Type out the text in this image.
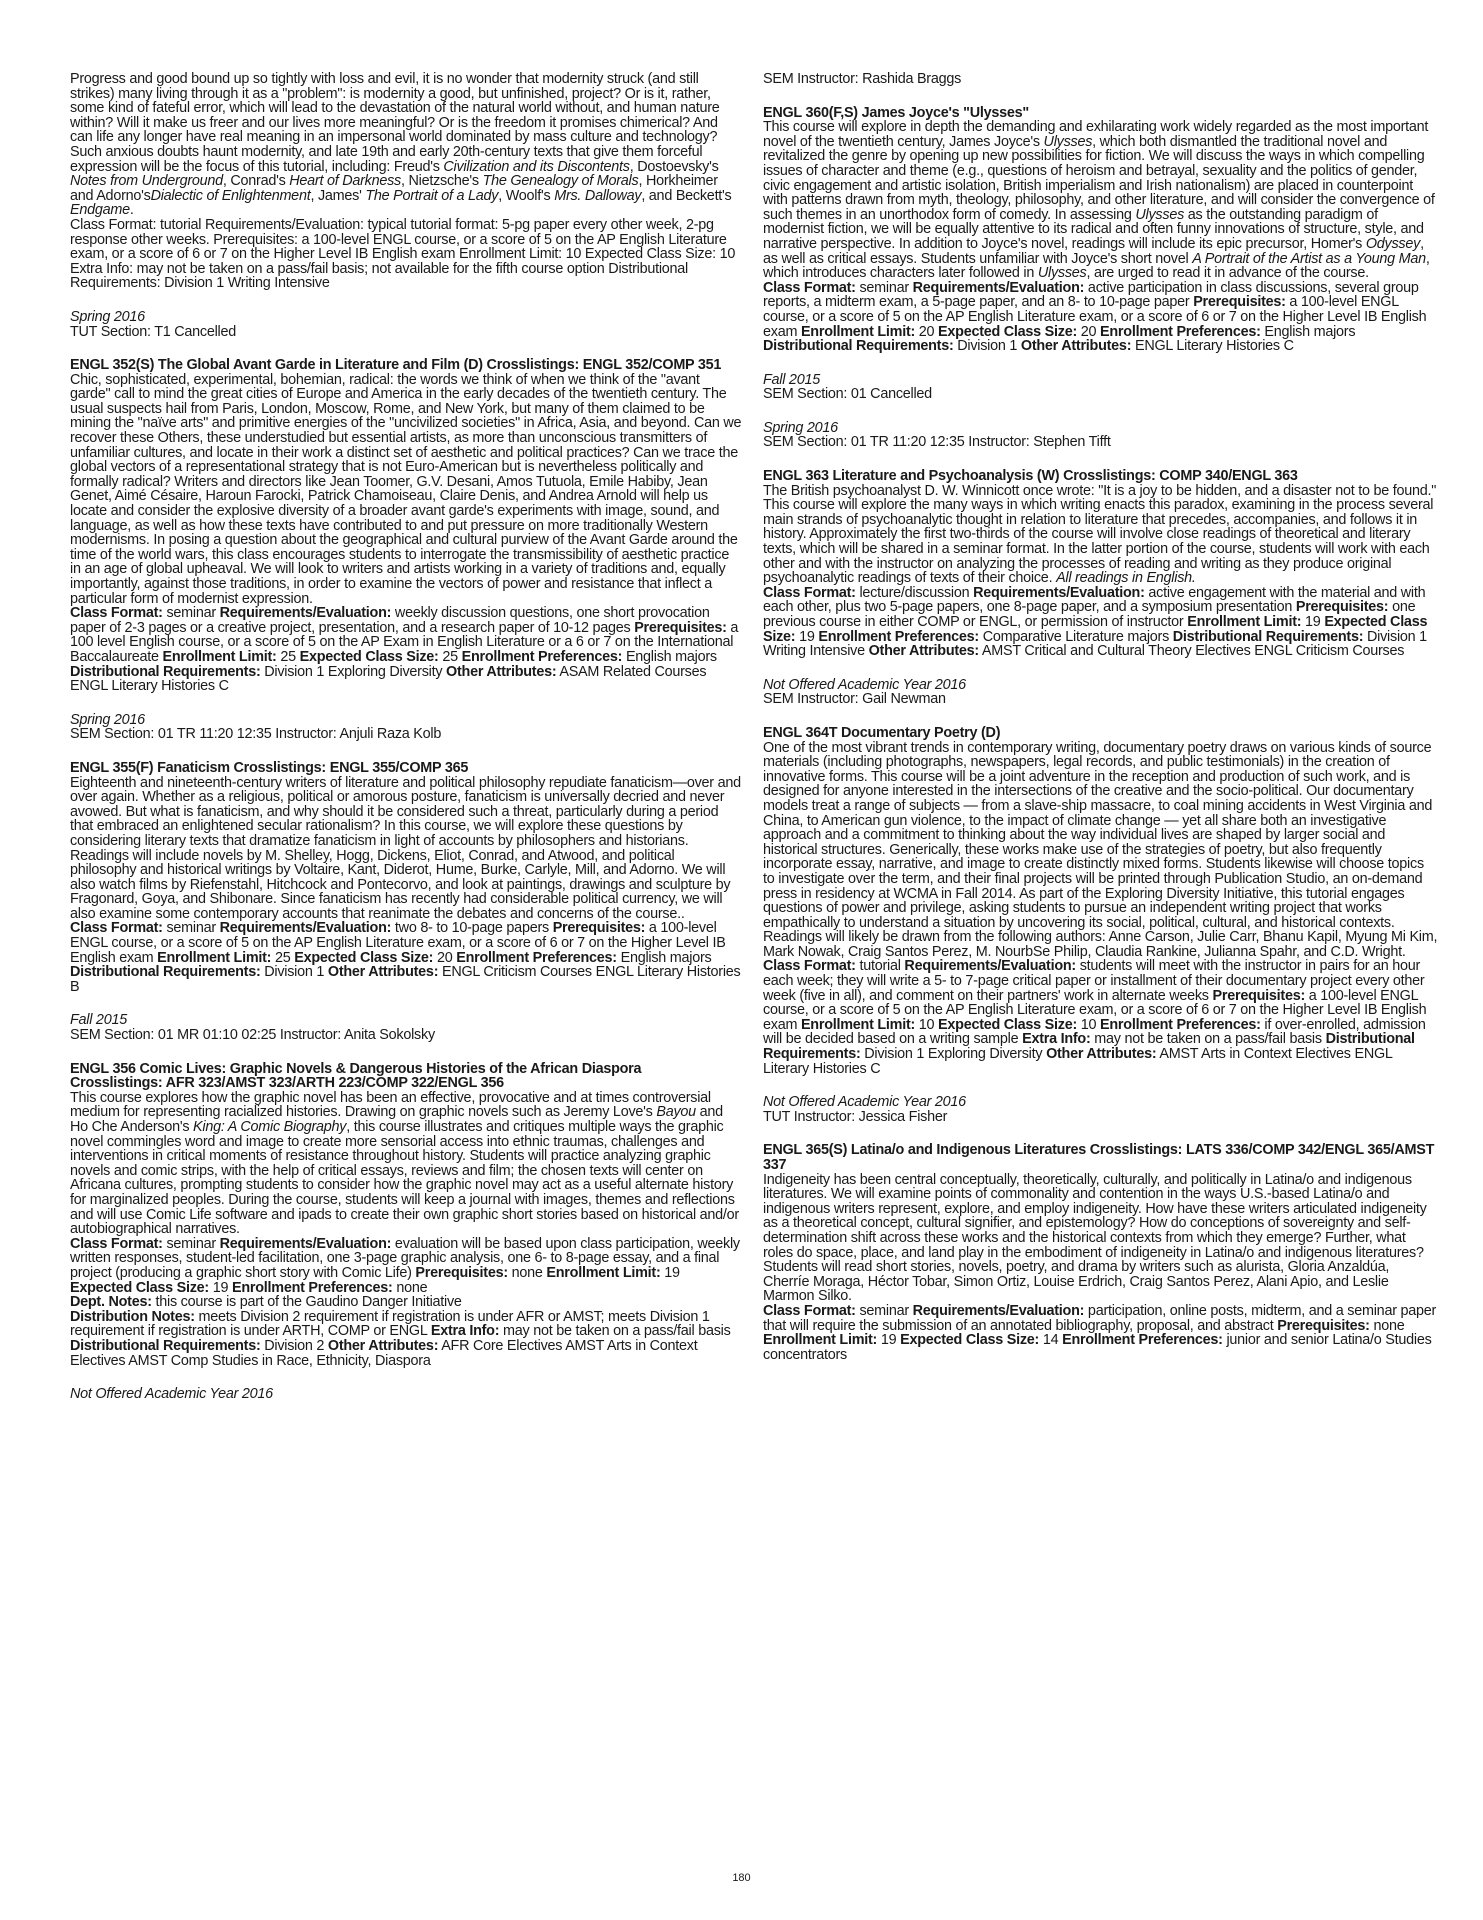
Progress and good bound up so tightly with loss and evil, it is no wonder that modernity struck (and still strikes) many living through it as a "problem": is modernity a good, but unfinished, project? Or is it, rather, some kind of fateful error, which will lead to the devastation of the natural world without, and human nature within? Will it make us freer and our lives more meaningful? Or is the freedom it promises chimerical? And can life any longer have real meaning in an impersonal world dominated by mass culture and technology? Such anxious doubts haunt modernity, and late 19th and early 20th-century texts that give them forceful expression will be the focus of this tutorial, including: Freud's Civilization and its Discontents, Dostoevsky's Notes from Underground, Conrad's Heart of Darkness, Nietzsche's The Genealogy of Morals, Horkheimer and Adorno'sDialectic of Enlightenment, James' The Portrait of a Lady, Woolf's Mrs. Dalloway, and Beckett's Endgame.

Class Format: tutorial Requirements/Evaluation: typical tutorial format: 5-pg paper every other week, 2-pg response other weeks. Prerequisites: a 100-level ENGL course, or a score of 5 on the AP English Literature exam, or a score of 6 or 7 on the Higher Level IB English exam Enrollment Limit: 10 Expected Class Size: 10 Extra Info: may not be taken on a pass/fail basis; not available for the fifth course option Distributional Requirements: Division 1 Writing Intensive

Spring 2016

TUT Section: T1 Cancelled

ENGL 352(S) The Global Avant Garde in Literature and Film (D) Crosslistings: ENGL 352/COMP 351

Chic, sophisticated, experimental, bohemian, radical: the words we think of when we think of the "avant garde" call to mind the great cities of Europe and America in the early decades of the twentieth century. The usual suspects hail from Paris, London, Moscow, Rome, and New York, but many of them claimed to be mining the "naïve arts" and primitive energies of the "uncivilized societies" in Africa, Asia, and beyond. Can we recover these Others, these understudied but essential artists, as more than unconscious transmitters of unfamiliar cultures, and locate in their work a distinct set of aesthetic and political practices? Can we trace the global vectors of a representational strategy that is not Euro-American but is nevertheless politically and formally radical? Writers and directors like Jean Toomer, G.V. Desani, Amos Tutuola, Emile Habiby, Jean Genet, Aimé Césaire, Haroun Farocki, Patrick Chamoiseau, Claire Denis, and Andrea Arnold will help us locate and consider the explosive diversity of a broader avant garde's experiments with image, sound, and language, as well as how these texts have contributed to and put pressure on more traditionally Western modernisms. In posing a question about the geographical and cultural purview of the Avant Garde around the time of the world wars, this class encourages students to interrogate the transmissibility of aesthetic practice in an age of global upheaval. We will look to writers and artists working in a variety of traditions and, equally importantly, against those traditions, in order to examine the vectors of power and resistance that inflect a particular form of modernist expression.

Class Format: seminar Requirements/Evaluation: weekly discussion questions, one short provocation paper of 2-3 pages or a creative project, presentation, and a research paper of 10-12 pages Prerequisites: a 100 level English course, or a score of 5 on the AP Exam in English Literature or a 6 or 7 on the International Baccalaureate Enrollment Limit: 25 Expected Class Size: 25 Enrollment Preferences: English majors Distributional Requirements: Division 1 Exploring Diversity Other Attributes: ASAM Related Courses ENGL Literary Histories C

Spring 2016

SEM Section: 01 TR 11:20 12:35 Instructor: Anjuli Raza Kolb

ENGL 355(F) Fanaticism Crosslistings: ENGL 355/COMP 365

Eighteenth and nineteenth-century writers of literature and political philosophy repudiate fanaticism—over and over again. Whether as a religious, political or amorous posture, fanaticism is universally decried and never avowed. But what is fanaticism, and why should it be considered such a threat, particularly during a period that embraced an enlightened secular rationalism? In this course, we will explore these questions by considering literary texts that dramatize fanaticism in light of accounts by philosophers and historians. Readings will include novels by M. Shelley, Hogg, Dickens, Eliot, Conrad, and Atwood, and political philosophy and historical writings by Voltaire, Kant, Diderot, Hume, Burke, Carlyle, Mill, and Adorno. We will also watch films by Riefenstahl, Hitchcock and Pontecorvo, and look at paintings, drawings and sculpture by Fragonard, Goya, and Shibonare. Since fanaticism has recently had considerable political currency, we will also examine some contemporary accounts that reanimate the debates and concerns of the course..

Class Format: seminar Requirements/Evaluation: two 8- to 10-page papers Prerequisites: a 100-level ENGL course, or a score of 5 on the AP English Literature exam, or a score of 6 or 7 on the Higher Level IB English exam Enrollment Limit: 25 Expected Class Size: 20 Enrollment Preferences: English majors Distributional Requirements: Division 1 Other Attributes: ENGL Criticism Courses ENGL Literary Histories B

Fall 2015

SEM Section: 01 MR 01:10 02:25 Instructor: Anita Sokolsky

ENGL 356 Comic Lives: Graphic Novels & Dangerous Histories of the African Diaspora

Crosslistings: AFR 323/AMST 323/ARTH 223/COMP 322/ENGL 356

This course explores how the graphic novel has been an effective, provocative and at times controversial medium for representing racialized histories. Drawing on graphic novels such as Jeremy Love's Bayou and Ho Che Anderson's King: A Comic Biography, this course illustrates and critiques multiple ways the graphic novel commingles word and image to create more sensorial access into ethnic traumas, challenges and interventions in critical moments of resistance throughout history. Students will practice analyzing graphic novels and comic strips, with the help of critical essays, reviews and film; the chosen texts will center on Africana cultures, prompting students to consider how the graphic novel may act as a useful alternate history for marginalized peoples. During the course, students will keep a journal with images, themes and reflections and will use Comic Life software and ipads to create their own graphic short stories based on historical and/or autobiographical narratives.

Class Format: seminar Requirements/Evaluation: evaluation will be based upon class participation, weekly written responses, student-led facilitation, one 3-page graphic analysis, one 6- to 8-page essay, and a final project (producing a graphic short story with Comic Life) Prerequisites: none Enrollment Limit: 19 Expected Class Size: 19 Enrollment Preferences: none

Dept. Notes: this course is part of the Gaudino Danger Initiative

Distribution Notes: meets Division 2 requirement if registration is under AFR or AMST; meets Division 1 requirement if registration is under ARTH, COMP or ENGL Extra Info: may not be taken on a pass/fail basis Distributional Requirements: Division 2 Other Attributes: AFR Core Electives AMST Arts in Context Electives AMST Comp Studies in Race, Ethnicity, Diaspora

Not Offered Academic Year 2016

SEM Instructor: Rashida Braggs

ENGL 360(F,S) James Joyce's "Ulysses"

This course will explore in depth the demanding and exhilarating work widely regarded as the most important novel of the twentieth century, James Joyce's Ulysses, which both dismantled the traditional novel and revitalized the genre by opening up new possibilities for fiction. We will discuss the ways in which compelling issues of character and theme (e.g., questions of heroism and betrayal, sexuality and the politics of gender, civic engagement and artistic isolation, British imperialism and Irish nationalism) are placed in counterpoint with patterns drawn from myth, theology, philosophy, and other literature, and will consider the convergence of such themes in an unorthodox form of comedy. In assessing Ulysses as the outstanding paradigm of modernist fiction, we will be equally attentive to its radical and often funny innovations of structure, style, and narrative perspective. In addition to Joyce's novel, readings will include its epic precursor, Homer's Odyssey, as well as critical essays. Students unfamiliar with Joyce's short novel A Portrait of the Artist as a Young Man, which introduces characters later followed in Ulysses, are urged to read it in advance of the course.

Class Format: seminar Requirements/Evaluation: active participation in class discussions, several group reports, a midterm exam, a 5-page paper, and an 8- to 10-page paper Prerequisites: a 100-level ENGL course, or a score of 5 on the AP English Literature exam, or a score of 6 or 7 on the Higher Level IB English exam Enrollment Limit: 20 Expected Class Size: 20 Enrollment Preferences: English majors Distributional Requirements: Division 1 Other Attributes: ENGL Literary Histories C

Fall 2015

SEM Section: 01 Cancelled

Spring 2016

SEM Section: 01 TR 11:20 12:35 Instructor: Stephen Tifft

ENGL 363 Literature and Psychoanalysis (W) Crosslistings: COMP 340/ENGL 363

The British psychoanalyst D. W. Winnicott once wrote: "It is a joy to be hidden, and a disaster not to be found." This course will explore the many ways in which writing enacts this paradox, examining in the process several main strands of psychoanalytic thought in relation to literature that precedes, accompanies, and follows it in history. Approximately the first two-thirds of the course will involve close readings of theoretical and literary texts, which will be shared in a seminar format. In the latter portion of the course, students will work with each other and with the instructor on analyzing the processes of reading and writing as they produce original psychoanalytic readings of texts of their choice. All readings in English.

Class Format: lecture/discussion Requirements/Evaluation: active engagement with the material and with each other, plus two 5-page papers, one 8-page paper, and a symposium presentation Prerequisites: one previous course in either COMP or ENGL, or permission of instructor Enrollment Limit: 19 Expected Class Size: 19 Enrollment Preferences: Comparative Literature majors Distributional Requirements: Division 1 Writing Intensive Other Attributes: AMST Critical and Cultural Theory Electives ENGL Criticism Courses

Not Offered Academic Year 2016

SEM Instructor: Gail Newman

ENGL 364T Documentary Poetry (D)

One of the most vibrant trends in contemporary writing, documentary poetry draws on various kinds of source materials (including photographs, newspapers, legal records, and public testimonials) in the creation of innovative forms. This course will be a joint adventure in the reception and production of such work, and is designed for anyone interested in the intersections of the creative and the socio-political. Our documentary models treat a range of subjects — from a slave-ship massacre, to coal mining accidents in West Virginia and China, to American gun violence, to the impact of climate change — yet all share both an investigative approach and a commitment to thinking about the way individual lives are shaped by larger social and historical structures. Generically, these works make use of the strategies of poetry, but also frequently incorporate essay, narrative, and image to create distinctly mixed forms. Students likewise will choose topics to investigate over the term, and their final projects will be printed through Publication Studio, an on-demand press in residency at WCMA in Fall 2014. As part of the Exploring Diversity Initiative, this tutorial engages questions of power and privilege, asking students to pursue an independent writing project that works empathically to understand a situation by uncovering its social, political, cultural, and historical contexts. Readings will likely be drawn from the following authors: Anne Carson, Julie Carr, Bhanu Kapil, Myung Mi Kim, Mark Nowak, Craig Santos Perez, M. NourbSe Philip, Claudia Rankine, Julianna Spahr, and C.D. Wright.

Class Format: tutorial Requirements/Evaluation: students will meet with the instructor in pairs for an hour each week; they will write a 5- to 7-page critical paper or installment of their documentary project every other week (five in all), and comment on their partners' work in alternate weeks Prerequisites: a 100-level ENGL course, or a score of 5 on the AP English Literature exam, or a score of 6 or 7 on the Higher Level IB English exam Enrollment Limit: 10 Expected Class Size: 10 Enrollment Preferences: if over-enrolled, admission will be decided based on a writing sample Extra Info: may not be taken on a pass/fail basis Distributional Requirements: Division 1 Exploring Diversity Other Attributes: AMST Arts in Context Electives ENGL Literary Histories C

Not Offered Academic Year 2016

TUT Instructor: Jessica Fisher

ENGL 365(S) Latina/o and Indigenous Literatures Crosslistings: LATS 336/COMP 342/ENGL 365/AMST 337

Indigeneity has been central conceptually, theoretically, culturally, and politically in Latina/o and indigenous literatures. We will examine points of commonality and contention in the ways U.S.-based Latina/o and indigenous writers represent, explore, and employ indigeneity. How have these writers articulated indigeneity as a theoretical concept, cultural signifier, and epistemology? How do conceptions of sovereignty and self-determination shift across these works and the historical contexts from which they emerge? Further, what roles do space, place, and land play in the embodiment of indigeneity in Latina/o and indigenous literatures? Students will read short stories, novels, poetry, and drama by writers such as alurista, Gloria Anzaldúa, Cherríe Moraga, Héctor Tobar, Simon Ortiz, Louise Erdrich, Craig Santos Perez, Alani Apio, and Leslie Marmon Silko.

Class Format: seminar Requirements/Evaluation: participation, online posts, midterm, and a seminar paper that will require the submission of an annotated bibliography, proposal, and abstract Prerequisites: none Enrollment Limit: 19 Expected Class Size: 14 Enrollment Preferences: junior and senior Latina/o Studies concentrators

180
